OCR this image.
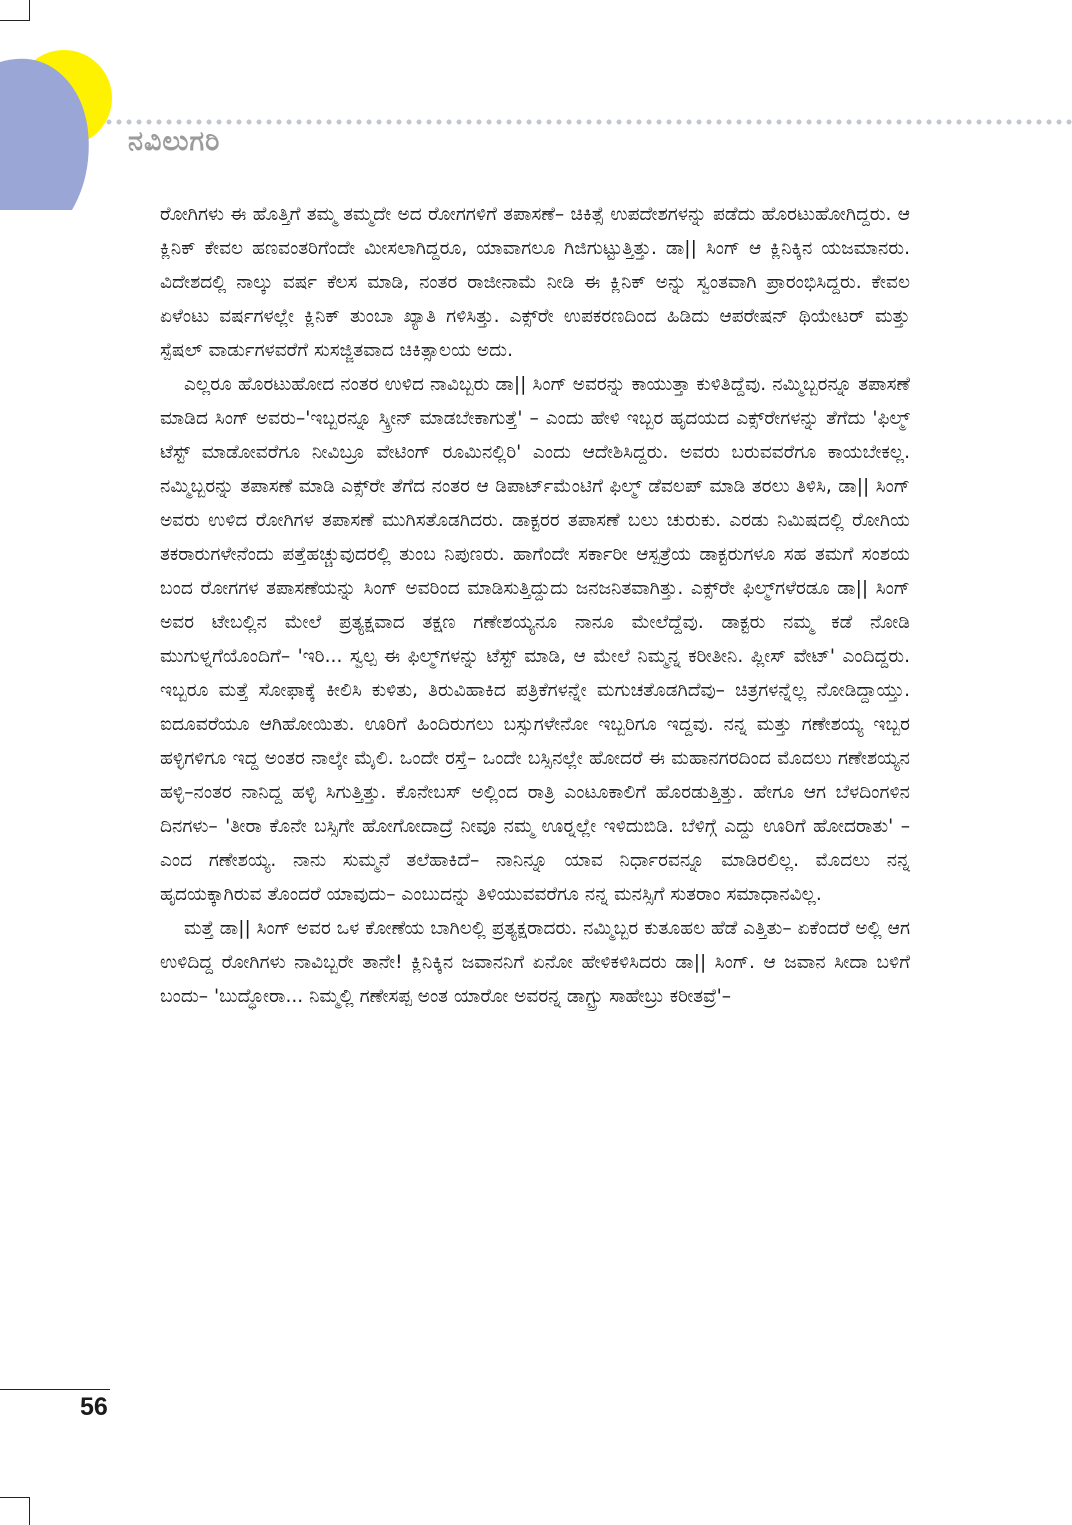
ನವಿಲುಗರಿ

ರೋಗಿಗಳು ಈ ಹೊತ್ತಿಗೆ ತಮ್ಮ ತಮ್ಮದೇ ಅದ ರೋಗಗಳಿಗೆ ತಪಾಸಣೆ– ಚಿಕಿತ್ಸೆ ಉಪದೇಶಗಳನ್ನು ಪಡೆದು ಹೊರಟುಹೋಗಿದ್ದರು. ಆ ಕ್ಲಿನಿಕ್ ಕೇವಲ ಹಣವಂತರಿಗೆಂದೇ ಮೀಸಲಾಗಿದ್ದರೂ, ಯಾವಾಗಲೂ ಗಿಜಿಗುಟ್ಟುತ್ತಿತ್ತು. ಡಾ|| ಸಿಂಗ್ ಆ ಕ್ಲಿನಿಕ್ಕಿನ ಯಜಮಾನರು. ವಿದೇಶದಲ್ಲಿ ನಾಲ್ಕು ವರ್ಷ ಕೆಲಸ ಮಾಡಿ, ನಂತರ ರಾಜೀನಾಮೆ ನೀಡಿ ಈ ಕ್ಲಿನಿಕ್ ಅನ್ನು ಸ್ವಂತವಾಗಿ ಪ್ರಾರಂಭಿಸಿದ್ದರು. ಕೇವಲ ಏಳೆಂಟು ವರ್ಷಗಳಲ್ಲೇ ಕ್ಲಿನಿಕ್ ತುಂಬಾ ಖ್ಯಾತಿ ಗಳಿಸಿತ್ತು. ಎಕ್ಸ್‌ರೇ ಉಪಕರಣದಿಂದ ಹಿಡಿದು ಆಪರೇಷನ್ ಥಿಯೇಟರ್ ಮತ್ತು ಸ್ಪೆಷಲ್ ವಾರ್ಡುಗಳವರೆಗೆ ಸುಸಜ್ಜಿತವಾದ ಚಿಕಿತ್ಸಾಲಯ ಅದು.

ಎಲ್ಲರೂ ಹೊರಟುಹೋದ ನಂತರ ಉಳಿದ ನಾವಿಬ್ಬರು ಡಾ|| ಸಿಂಗ್ ಅವರನ್ನು ಕಾಯುತ್ತಾ ಕುಳಿತಿದ್ದೆವು. ನಮ್ಮಿಬ್ಬರನ್ನೂ ತಪಾಸಣೆ ಮಾಡಿದ ಸಿಂಗ್ ಅವರು–'ಇಬ್ಬರನ್ನೂ ಸ್ಕ್ರೀನ್ ಮಾಡಬೇಕಾಗುತ್ತೆ' – ಎಂದು ಹೇಳಿ ಇಬ್ಬರ ಹೃದಯದ ಎಕ್ಸ್‌ರೇಗಳನ್ನು ತೆಗೆದು 'ಫಿಲ್ಮ್ ಟೆಸ್ಟ್ ಮಾಡೋವರೆಗೂ ನೀವಿಬ್ರೂ ವೇಟಿಂಗ್ ರೂಮಿನಲ್ಲಿರಿ' ಎಂದು ಆದೇಶಿಸಿದ್ದರು. ಅವರು ಬರುವವರೆಗೂ ಕಾಯಬೇಕಲ್ಲ. ನಮ್ಮಿಬ್ಬರನ್ನು ತಪಾಸಣೆ ಮಾಡಿ ಎಕ್ಸ್‌ರೇ ತೆಗೆದ ನಂತರ ಆ ಡಿಪಾರ್ಟ್‌ಮೆಂಟಿಗೆ ಫಿಲ್ಮ್ ಡೆವಲಪ್ ಮಾಡಿ ತರಲು ತಿಳಿಸಿ, ಡಾ|| ಸಿಂಗ್ ಅವರು ಉಳಿದ ರೋಗಿಗಳ ತಪಾಸಣೆ ಮುಗಿಸತೊಡಗಿದರು. ಡಾಕ್ಟರರ ತಪಾಸಣೆ ಬಲು ಚುರುಕು. ಎರಡು ನಿಮಿಷದಲ್ಲಿ ರೋಗಿಯ ತಕರಾರುಗಳೇನೆಂದು ಪತ್ತೆಹಚ್ಚುವುದರಲ್ಲಿ ತುಂಬ ನಿಪುಣರು. ಹಾಗೆಂದೇ ಸರ್ಕಾರೀ ಆಸ್ಪತ್ರೆಯ ಡಾಕ್ಟರುಗಳೂ ಸಹ ತಮಗೆ ಸಂಶಯ ಬಂದ ರೋಗಗಳ ತಪಾಸಣೆಯನ್ನು ಸಿಂಗ್ ಅವರಿಂದ ಮಾಡಿಸುತ್ತಿದ್ದುದು ಜನಜನಿತವಾಗಿತ್ತು. ಎಕ್ಸ್‌ರೇ ಫಿಲ್ಮ್‌ಗಳೆರಡೂ ಡಾ|| ಸಿಂಗ್ ಅವರ ಟೇಬಲ್ಲಿನ ಮೇಲೆ ಪ್ರತ್ಯಕ್ಷವಾದ ತಕ್ಷಣ ಗಣೇಶಯ್ಯನೂ ನಾನೂ ಮೇಲೆದ್ದೆವು. ಡಾಕ್ಟರು ನಮ್ಮ ಕಡೆ ನೋಡಿ ಮುಗುಳ್ನಗೆಯೊಂದಿಗೆ– 'ಇರಿ... ಸ್ವಲ್ಪ ಈ ಫಿಲ್ಮ್‌ಗಳನ್ನು ಟೆಸ್ಟ್ ಮಾಡಿ, ಆ ಮೇಲೆ ನಿಮ್ಮನ್ನ ಕರೀತೀನಿ. ಪ್ಲೀಸ್ ವೇಟ್' ಎಂದಿದ್ದರು. ಇಬ್ಬರೂ ಮತ್ತೆ ಸೋಫಾಕ್ಕೆ ಕೀಲಿಸಿ ಕುಳಿತು, ತಿರುವಿಹಾಕಿದ ಪತ್ರಿಕೆಗಳನ್ನೇ ಮಗುಚತೊಡಗಿದೆವು– ಚಿತ್ರಗಳನ್ನೆಲ್ಲ ನೋಡಿದ್ದಾಯ್ತು. ಐದೂವರೆಯೂ ಆಗಿಹೋಯಿತು. ಊರಿಗೆ ಹಿಂದಿರುಗಲು ಬಸ್ಸುಗಳೇನೋ ಇಬ್ಬರಿಗೂ ಇದ್ದವು. ನನ್ನ ಮತ್ತು ಗಣೇಶಯ್ಯ ಇಬ್ಬರ ಹಳ್ಳಿಗಳಿಗೂ ಇದ್ದ ಅಂತರ ನಾಲ್ಕೇ ಮೈಲಿ. ಒಂದೇ ರಸ್ತೆ– ಒಂದೇ ಬಸ್ಸಿನಲ್ಲೇ ಹೋದರೆ ಈ ಮಹಾನಗರದಿಂದ ಮೊದಲು ಗಣೇಶಯ್ಯನ ಹಳ್ಳಿ–ನಂತರ ನಾನಿದ್ದ ಹಳ್ಳಿ ಸಿಗುತ್ತಿತ್ತು. ಕೊನೇಬಸ್ ಅಲ್ಲಿಂದ ರಾತ್ರಿ ಎಂಟೂಕಾಲಿಗೆ ಹೊರಡುತ್ತಿತ್ತು. ಹೇಗೂ ಆಗ ಬೆಳದಿಂಗಳಿನ ದಿನಗಳು– 'ತೀರಾ ಕೊನೇ ಬಸ್ಸಿಗೇ ಹೋಗೋದಾದ್ರೆ ನೀವೂ ನಮ್ಮ ಊರ್‍ನಲ್ಲೇ ಇಳಿದುಬಿಡಿ. ಬೆಳಿಗ್ಗೆ ಎದ್ದು ಊರಿಗೆ ಹೋದರಾತು' –ಎಂದ ಗಣೇಶಯ್ಯ. ನಾನು ಸುಮ್ಮನೆ ತಲೆಹಾಕಿದೆ– ನಾನಿನ್ನೂ ಯಾವ ನಿರ್ಧಾರವನ್ನೂ ಮಾಡಿರಲಿಲ್ಲ. ಮೊದಲು ನನ್ನ ಹೃದಯಕ್ಕಾಗಿರುವ ತೊಂದರೆ ಯಾವುದು– ಎಂಬುದನ್ನು ತಿಳಿಯುವವರೆಗೂ ನನ್ನ ಮನಸ್ಸಿಗೆ ಸುತರಾಂ ಸಮಾಧಾನವಿಲ್ಲ.

ಮತ್ತೆ ಡಾ|| ಸಿಂಗ್ ಅವರ ಒಳ ಕೋಣೆಯ ಬಾಗಿಲಲ್ಲಿ ಪ್ರತ್ಯಕ್ಷರಾದರು. ನಮ್ಮಿಬ್ಬರ ಕುತೂಹಲ ಹೆಡೆ ಎತ್ತಿತು– ಏಕೆಂದರೆ ಅಲ್ಲಿ ಆಗ ಉಳಿದಿದ್ದ ರೋಗಿಗಳು ನಾವಿಬ್ಬರೇ ತಾನೇ! ಕ್ಲಿನಿಕ್ಕಿನ ಜವಾನನಿಗೆ ಏನೋ ಹೇಳಿಕಳಿಸಿದರು ಡಾ|| ಸಿಂಗ್. ಆ ಜವಾನ ಸೀದಾ ಬಳಿಗೆ ಬಂದು– 'ಬುದ್ಧೋರಾ... ನಿಮ್ಮಲ್ಲಿ ಗಣೇಸಪ್ಪ ಅಂತ ಯಾರೋ ಅವರನ್ನ ಡಾಗ್ಟ್ರು ಸಾಹೇಬ್ರು ಕರೀತವ್ರೆ'–

56
